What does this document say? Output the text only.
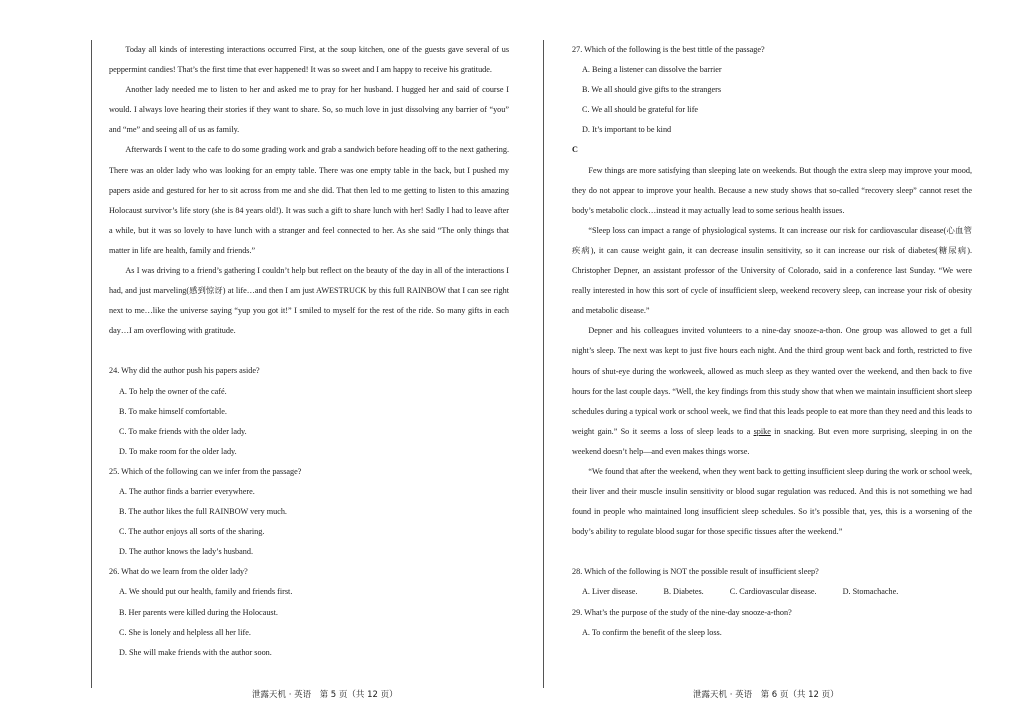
Today all kinds of interesting interactions occurred First, at the soup kitchen, one of the guests gave several of us peppermint candies! That’s the first time that ever happened! It was so sweet and I am happy to receive his gratitude.

Another lady needed me to listen to her and asked me to pray for her husband. I hugged her and said of course I would. I always love hearing their stories if they want to share. So, so much love in just dissolving any barrier of “you” and “me” and seeing all of us as family.

Afterwards I went to the cafe to do some grading work and grab a sandwich before heading off to the next gathering. There was an older lady who was looking for an empty table. There was one empty table in the back, but I pushed my papers aside and gestured for her to sit across from me and she did. That then led to me getting to listen to this amazing Holocaust survivor’s life story (she is 84 years old!). It was such a gift to share lunch with her! Sadly I had to leave after a while, but it was so lovely to have lunch with a stranger and feel connected to her. As she said “The only things that matter in life are health, family and friends.”

As I was driving to a friend’s gathering I couldn’t help but reflect on the beauty of the day in all of the interactions I had, and just marveling(感到惊讶) at life…and then I am just AWESTRUCK by this full RAINBOW that I can see right next to me…like the universe saying “yup you got it!” I smiled to myself for the rest of the ride. So many gifts in each day…I am overflowing with gratitude.

24. Why did the author push his papers aside?

A. To help the owner of the café.

B. To make himself comfortable.

C. To make friends with the older lady.

D. To make room for the older lady.

25. Which of the following can we infer from the passage?

A. The author finds a barrier everywhere.

B. The author likes the full RAINBOW very much.

C. The author enjoys all sorts of the sharing.

D. The author knows the lady’s husband.

26. What do we learn from the older lady?

A. We should put our health, family and friends first.

B. Her parents were killed during the Holocaust.

C. She is lonely and helpless all her life.

D. She will make friends with the author soon.

泄露天机 · 英语　第 5 页（共 12 页）

27. Which of the following is the best tittle of the passage?

A. Being a listener can dissolve the barrier

B. We all should give gifts to the strangers

C. We all should be grateful for life

D. It’s important to be kind

C

Few things are more satisfying than sleeping late on weekends. But though the extra sleep may improve your mood, they do not appear to improve your health. Because a new study shows that so-called “recovery sleep” cannot reset the body’s metabolic clock…instead it may actually lead to some serious health issues.

“Sleep loss can impact a range of physiological systems. It can increase our risk for cardiovascular disease(心血管疾病), it can cause weight gain, it can decrease insulin sensitivity, so it can increase our risk of diabetes(糖尿病). Christopher Depner, an assistant professor of the University of Colorado, said in a conference last Sunday. “We were really interested in how this sort of cycle of insufficient sleep, weekend recovery sleep, can increase your risk of obesity and metabolic disease.”

Depner and his colleagues invited volunteers to a nine-day snooze-a-thon. One group was allowed to get a full night’s sleep. The next was kept to just five hours each night. And the third group went back and forth, restricted to five hours of shut-eye during the workweek, allowed as much sleep as they wanted over the weekend, and then back to five hours for the last couple days. “Well, the key findings from this study show that when we maintain insufficient short sleep schedules during a typical work or school week, we find that this leads people to eat more than they need and this leads to weight gain.” So it seems a loss of sleep leads to a spike in snacking. But even more surprising, sleeping in on the weekend doesn’t help—and even makes things worse.

“We found that after the weekend, when they went back to getting insufficient sleep during the work or school week, their liver and their muscle insulin sensitivity or blood sugar regulation was reduced. And this is not something we had found in people who maintained long insufficient sleep schedules. So it’s possible that, yes, this is a worsening of the body’s ability to regulate blood sugar for those specific tissues after the weekend.”

28. Which of the following is NOT the possible result of insufficient sleep?

A. Liver disease.	B. Diabetes.	C. Cardiovascular disease.	D. Stomachache.

29. What’s the purpose of the study of the nine-day snooze-a-thon?

A. To confirm the benefit of the sleep loss.

泄露天机 · 英语　第 6 页（共 12 页）
